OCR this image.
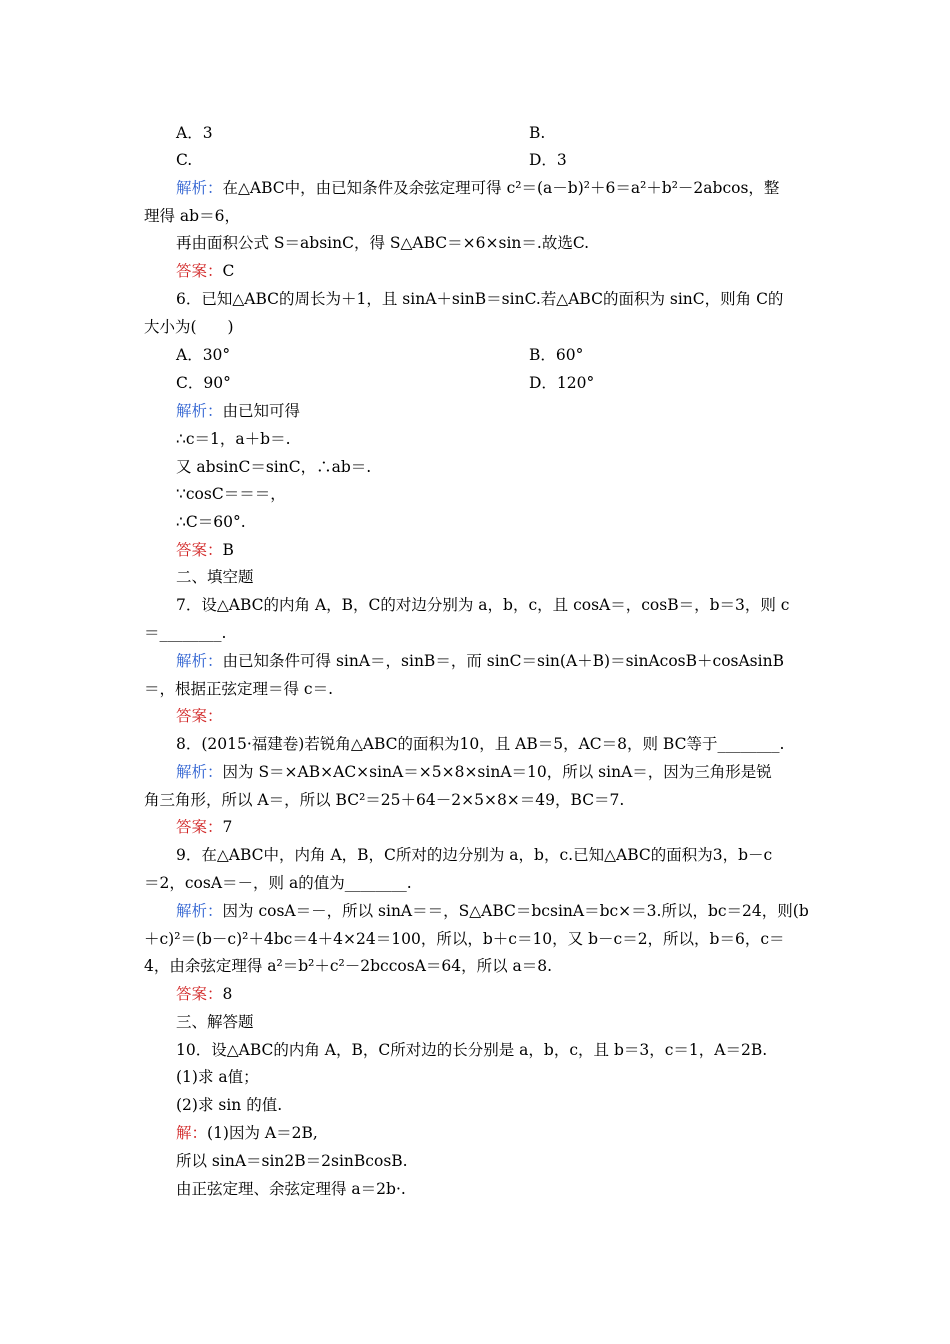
A．3	B.
C.	D．3
解析：在△ABC中，由已知条件及余弦定理可得 c²＝(a－b)²＋6＝a²＋b²－2abcos，整
理得 ab＝6，
再由面积公式 S＝absinC，得 S△ABC＝×6×sin＝.故选C.
答案：C
6．已知△ABC的周长为＋1，且 sinA＋sinB＝sinC.若△ABC的面积为 sinC，则角 C的
大小为(　　)
A．30°	B．60°
C．90°	D．120°
解析：由已知可得
∴c＝1，a＋b＝.
又 absinC＝sinC，∴ab＝.
∵cosC＝＝＝，
∴C＝60°.
答案：B
二、填空题
7．设△ABC的内角 A，B，C的对边分别为 a，b，c，且 cosA＝，cosB＝，b＝3，则 c
＝________.
解析：由已知条件可得 sinA＝，sinB＝，而 sinC＝sin(A＋B)＝sinAcosB＋cosAsinB
＝，根据正弦定理＝得 c＝.
答案：
8．(2015·福建卷)若锐角△ABC的面积为10，且 AB＝5，AC＝8，则 BC等于________.
解析：因为 S＝×AB×AC×sinA＝×5×8×sinA＝10，所以 sinA＝，因为三角形是锐
角三角形，所以 A＝，所以 BC²＝25＋64－2×5×8×＝49，BC＝7.
答案：7
9．在△ABC中，内角 A，B，C所对的边分别为 a，b，c.已知△ABC的面积为3，b－c
＝2，cosA＝－，则 a的值为________.
解析：因为 cosA＝－，所以 sinA＝＝，S△ABC＝bcsinA＝bc×＝3.所以，bc＝24，则(b
＋c)²＝(b－c)²＋4bc＝4＋4×24＝100，所以，b＋c＝10，又 b－c＝2，所以，b＝6，c＝
4，由余弦定理得 a²＝b²＋c²－2bccosA＝64，所以 a＝8.
答案：8
三、解答题
10．设△ABC的内角 A，B，C所对边的长分别是 a，b，c，且 b＝3，c＝1，A＝2B.
(1)求 a值；
(2)求 sin 的值.
解：(1)因为 A＝2B,
所以 sinA＝sin2B＝2sinBcosB.
由正弦定理、余弦定理得 a＝2b·.
